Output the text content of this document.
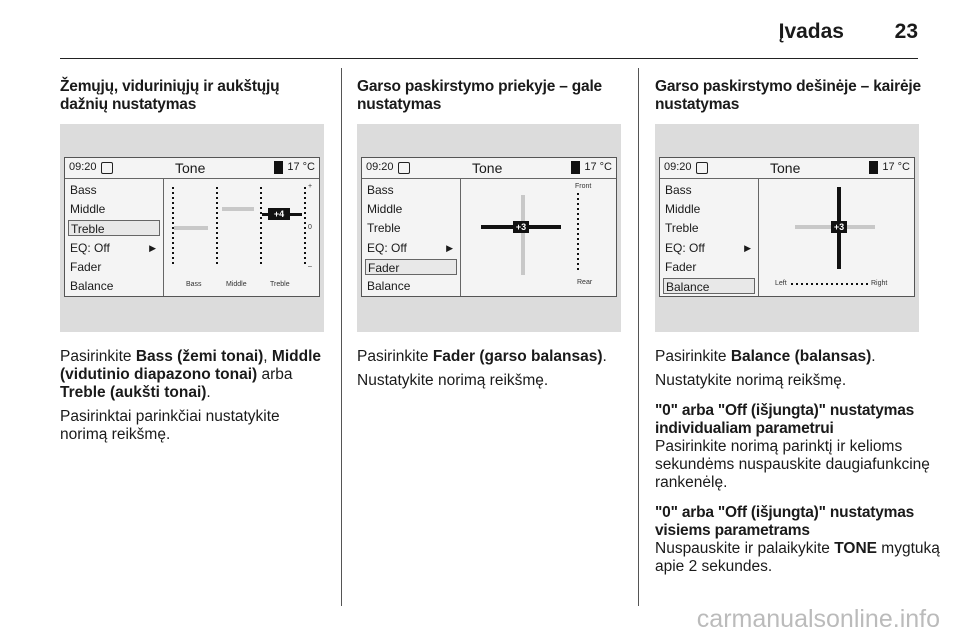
Įvadas 23
Žemųjų, viduriniųjų ir aukštųjų dažnių nustatymas
09:20	Tone	17 °C
Bass
Middle
Treble
EQ: Off	▶
Fader
Balance
+4
+
0
–
Bass	Middle	Treble

Pasirinkite Bass (žemi tonai), Middle (vidutinio diapazono tonai) arba
Treble (aukšti tonai).

Pasirinktai parinkčiai nustatykite norimą reikšmę.

Garso paskirstymo priekyje – gale nustatymas
09:20	Tone	17 °C
Bass
Middle
Treble
EQ: Off	▶
Fader
Balance
+3
Front
Rear

Pasirinkite Fader (garso balansas).

Nustatykite norimą reikšmę.

Garso paskirstymo dešinėje – kairėje nustatymas
09:20	Tone	17 °C
Bass
Middle
Treble
EQ: Off	▶
Fader
Balance
+3
Left	Right

Pasirinkite Balance (balansas).

Nustatykite norimą reikšmę.

"0" arba "Off (išjungta)" nustatymas individualiam parametrui

Pasirinkite norimą parinktį ir kelioms sekundėms nuspauskite daugiafunkcinę rankenėlę.

"0" arba "Off (išjungta)" nustatymas visiems parametrams

Nuspauskite ir palaikykite TONE mygtuką apie 2 sekundes.

carmanualsonline.info
